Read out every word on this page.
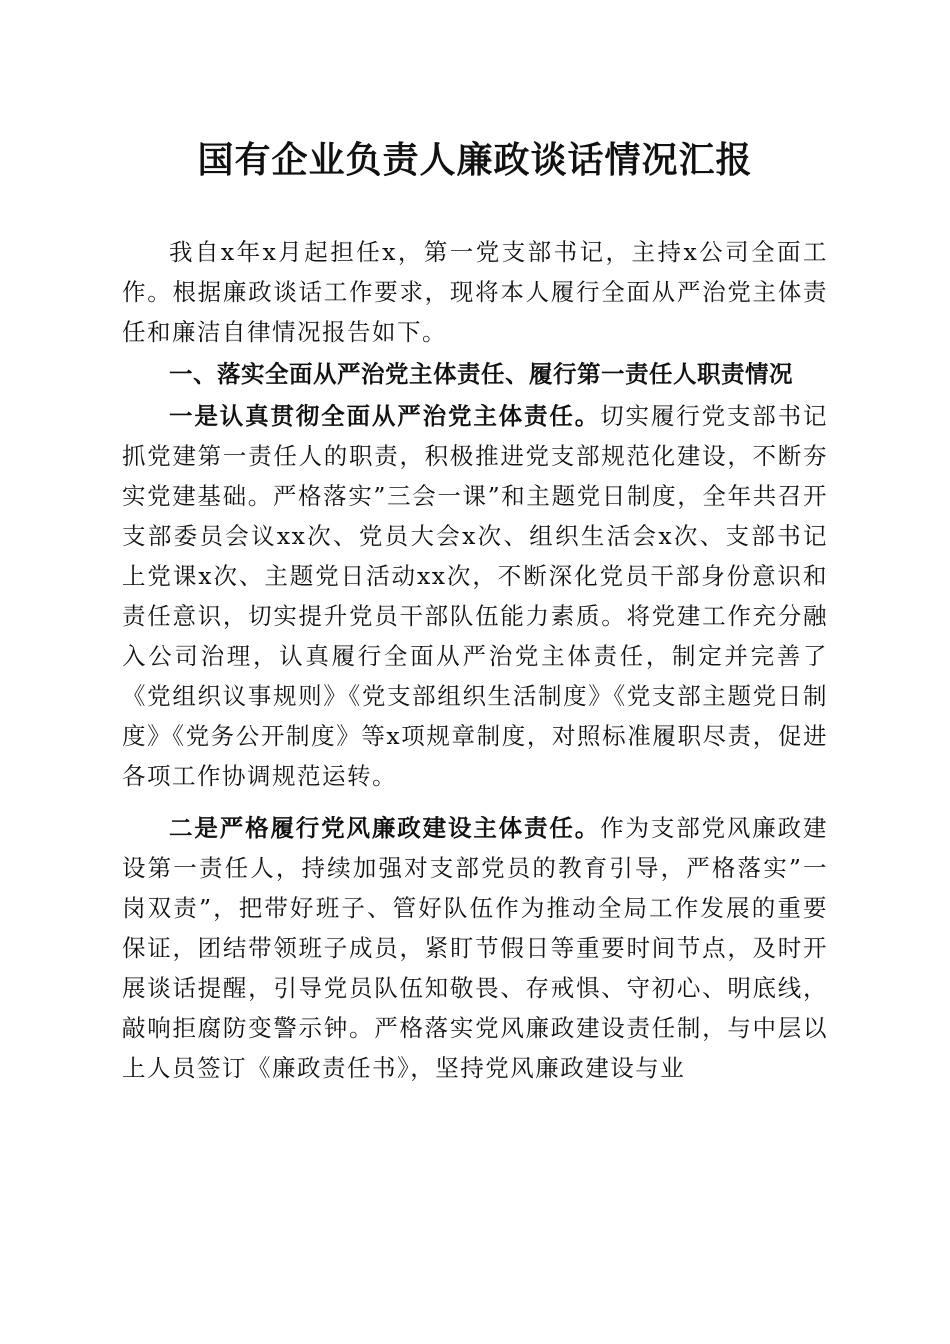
国有企业负责人廉政谈话情况汇报

我自x年x月起担任x，第一党支部书记，主持x公司全面工作。根据廉政谈话工作要求，现将本人履行全面从严治党主体责任和廉洁自律情况报告如下。

一、落实全面从严治党主体责任、履行第一责任人职责情况

一是认真贯彻全面从严治党主体责任。切实履行党支部书记抓党建第一责任人的职责，积极推进党支部规范化建设，不断夯实党建基础。严格落实”三会一课”和主题党日制度，全年共召开支部委员会议xx次、党员大会x次、组织生活会x次、支部书记上党课x次、主题党日活动xx次，不断深化党员干部身份意识和责任意识，切实提升党员干部队伍能力素质。将党建工作充分融入公司治理，认真履行全面从严治党主体责任，制定并完善了《党组织议事规则》《党支部组织生活制度》《党支部主题党日制度》《党务公开制度》等x项规章制度，对照标准履职尽责，促进各项工作协调规范运转。

二是严格履行党风廉政建设主体责任。作为支部党风廉政建设第一责任人，持续加强对支部党员的教育引导，严格落实”一岗双责”，把带好班子、管好队伍作为推动全局工作发展的重要保证，团结带领班子成员，紧盯节假日等重要时间节点，及时开展谈话提醒，引导党员队伍知敬畏、存戒惧、守初心、明底线，敲响拒腐防变警示钟。严格落实党风廉政建设责任制，与中层以上人员签订《廉政责任书》，坚持党风廉政建设与业
